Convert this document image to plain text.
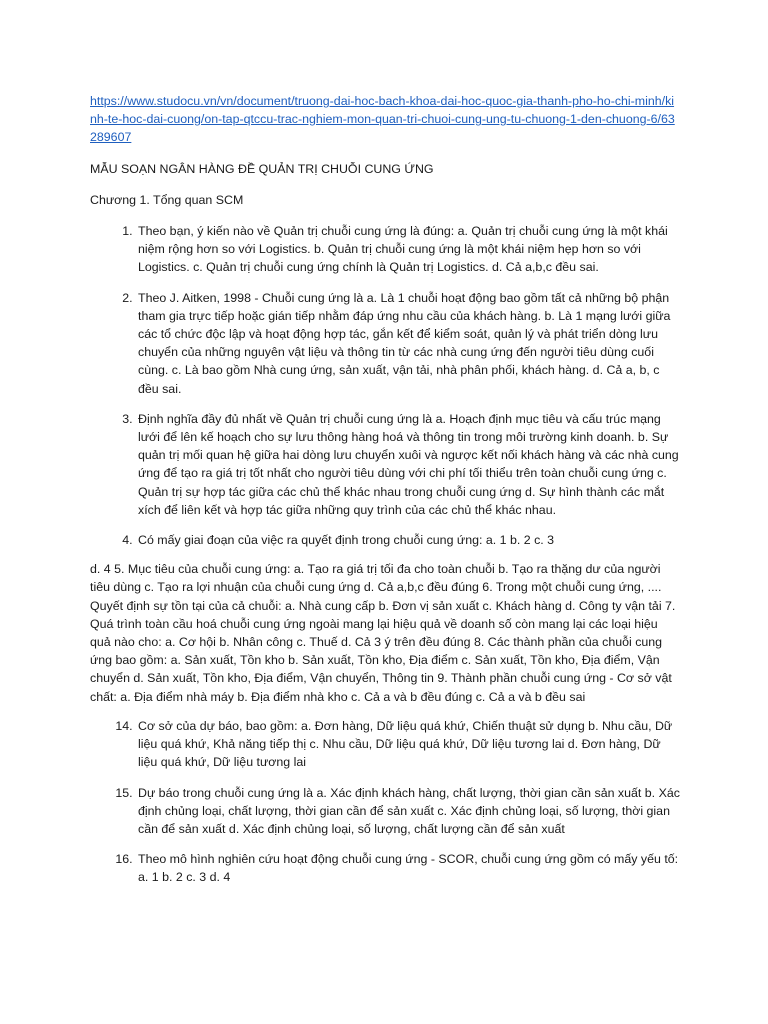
https://www.studocu.vn/vn/document/truong-dai-hoc-bach-khoa-dai-hoc-quoc-gia-thanh-pho-ho-chi-minh/kinh-te-hoc-dai-cuong/on-tap-qtccu-trac-nghiem-mon-quan-tri-chuoi-cung-ung-tu-chuong-1-den-chuong-6/63289607

MẪU SOẠN NGÂN HÀNG ĐỀ QUẢN TRỊ CHUỖI CUNG ỨNG

Chương 1. Tổng quan SCM

1. Theo bạn, ý kiến nào về Quản trị chuỗi cung ứng là đúng: a. Quản trị chuỗi cung ứng là một khái niệm rộng hơn so với Logistics. b. Quản trị chuỗi cung ứng là một khái niệm hẹp hơn so với Logistics. c. Quản trị chuỗi cung ứng chính là Quản trị Logistics. d. Cả a,b,c đều sai.
2. Theo J. Aitken, 1998 - Chuỗi cung ứng là a. Là 1 chuỗi hoạt động bao gồm tất cả những bộ phận tham gia trực tiếp hoặc gián tiếp nhằm đáp ứng nhu cầu của khách hàng. b. Là 1 mạng lưới giữa các tổ chức độc lập và hoạt động hợp tác, gắn kết để kiểm soát, quản lý và phát triển dòng lưu chuyển của những nguyên vật liệu và thông tin từ các nhà cung ứng đến người tiêu dùng cuối cùng. c. Là bao gồm Nhà cung ứng, sản xuất, vận tải, nhà phân phối, khách hàng. d. Cả a, b, c đều sai.
3. Định nghĩa đầy đủ nhất về Quản trị chuỗi cung ứng là a. Hoạch định mục tiêu và cấu trúc mạng lưới để lên kế hoạch cho sự lưu thông hàng hoá và thông tin trong môi trường kinh doanh. b. Sự quản trị mối quan hệ giữa hai dòng lưu chuyển xuôi và ngược kết nối khách hàng và các nhà cung ứng để tạo ra giá trị tốt nhất cho người tiêu dùng với chi phí tối thiểu trên toàn chuỗi cung ứng c. Quản trị sự hợp tác giữa các chủ thể khác nhau trong chuỗi cung ứng d. Sự hình thành các mắt xích để liên kết và hợp tác giữa những quy trình của các chủ thể khác nhau.
4. Có mấy giai đoạn của việc ra quyết định trong chuỗi cung ứng: a. 1 b. 2 c. 3

d. 4 5. Mục tiêu của chuỗi cung ứng: a. Tạo ra giá trị tối đa cho toàn chuỗi b. Tạo ra thặng dư của người tiêu dùng c. Tạo ra lợi nhuận của chuỗi cung ứng d. Cả a,b,c đều đúng 6. Trong một chuỗi cung ứng, .... Quyết định sự tồn tại của cả chuỗi: a. Nhà cung cấp b. Đơn vị sản xuất c. Khách hàng d. Công ty vận tải 7. Quá trình toàn cầu hoá chuỗi cung ứng ngoài mang lại hiệu quả về doanh số còn mang lại các loại hiệu quả nào cho: a. Cơ hội b. Nhân công c. Thuế d. Cả 3 ý trên đều đúng 8. Các thành phần của chuỗi cung ứng bao gồm: a. Sản xuất, Tồn kho b. Sản xuất, Tồn kho, Địa điểm c. Sản xuất, Tồn kho, Địa điểm, Vận chuyển d. Sản xuất, Tồn kho, Địa điểm, Vận chuyển, Thông tin 9. Thành phần chuỗi cung ứng - Cơ sở vật chất: a. Địa điểm nhà máy b. Địa điểm nhà kho c. Cả a và b đều đúng c. Cả a và b đều sai

14. Cơ sở của dự báo, bao gồm: a. Đơn hàng, Dữ liệu quá khứ, Chiến thuật sử dụng b. Nhu cầu, Dữ liệu quá khứ, Khả năng tiếp thị c. Nhu cầu, Dữ liệu quá khứ, Dữ liệu tương lai d. Đơn hàng, Dữ liệu quá khứ, Dữ liệu tương lai
15. Dự báo trong chuỗi cung ứng là a. Xác định khách hàng, chất lượng, thời gian cần sản xuất b. Xác định chủng loại, chất lượng, thời gian cần để sản xuất c. Xác định chủng loại, số lượng, thời gian cần để sản xuất d. Xác định chủng loại, số lượng, chất lượng cần để sản xuất
16. Theo mô hình nghiên cứu hoạt động chuỗi cung ứng - SCOR, chuỗi cung ứng gồm có mấy yếu tố: a. 1 b. 2 c. 3 d. 4
